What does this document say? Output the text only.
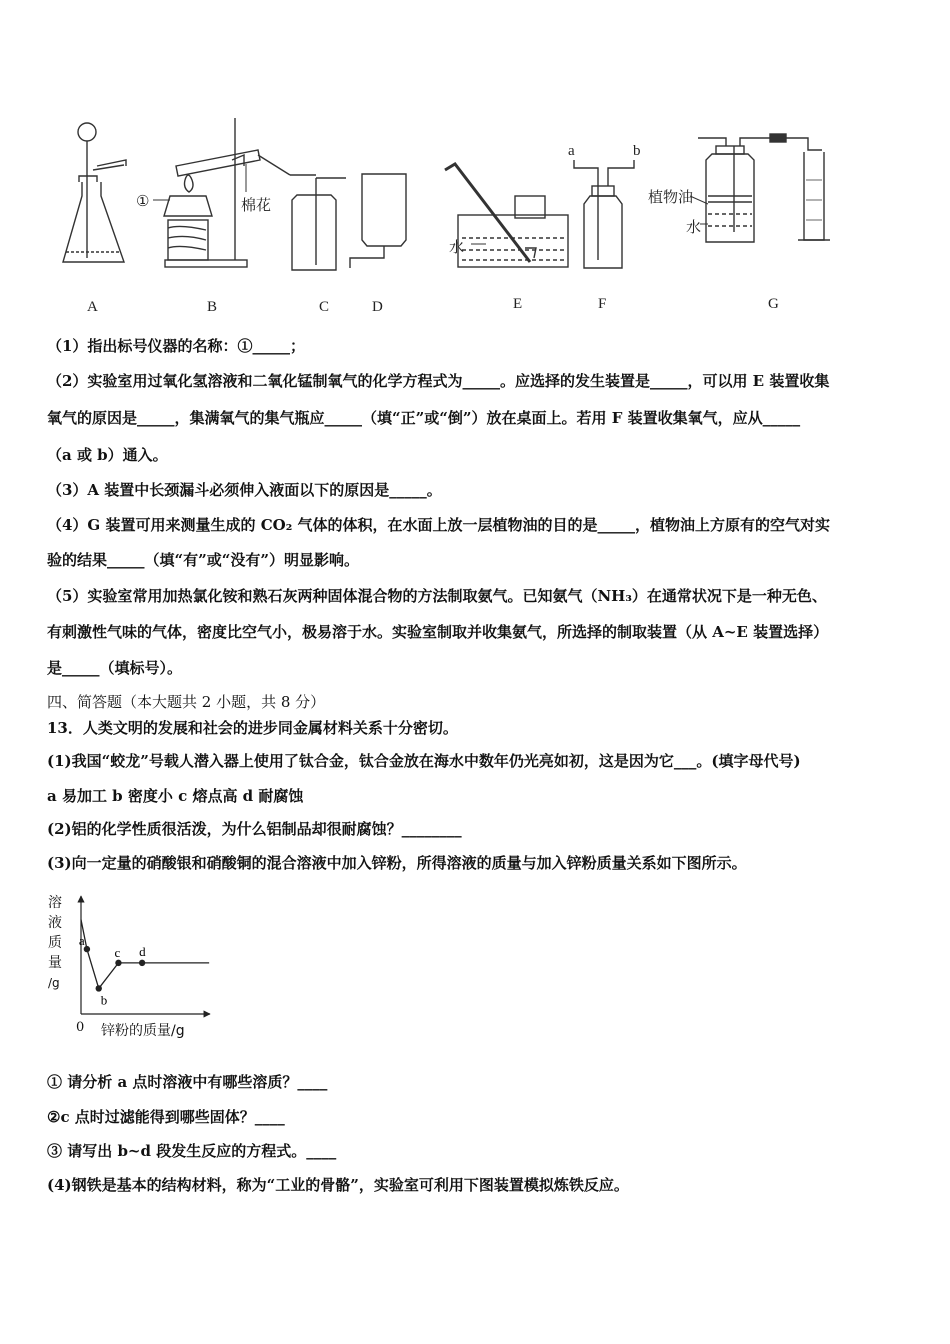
①	棉花
水
a	b
植物油
水
A	B	C	D	E	F	G
（1）指出标号仪器的名称：①_____；
（2）实验室用过氧化氢溶液和二氧化锰制氧气的化学方程式为_____。应选择的发生装置是_____，可以用 E 装置收集
氧气的原因是_____，集满氧气的集气瓶应_____（填“正”或“倒”）放在桌面上。若用 F 装置收集氧气，应从_____
（a 或 b）通入。
（3）A 装置中长颈漏斗必须伸入液面以下的原因是_____。
（4）G 装置可用来测量生成的 CO₂ 气体的体积，在水面上放一层植物油的目的是_____，植物油上方原有的空气对实
验的结果_____（填“有”或“没有”）明显影响。
（5）实验室常用加热氯化铵和熟石灰两种固体混合物的方法制取氨气。已知氨气（NH₃）在通常状况下是一种无色、
有刺激性气味的气体，密度比空气小，极易溶于水。实验室制取并收集氨气，所选择的制取装置（从 A~E 装置选择）
是_____（填标号）。
四、简答题（本大题共 2 小题，共 8 分）
13．人类文明的发展和社会的进步同金属材料关系十分密切。
(1)我国“蛟龙”号载人潜入器上使用了钛合金，钛合金放在海水中数年仍光亮如初，这是因为它___。(填字母代号)
a 易加工 b 密度小 c 熔点高 d 耐腐蚀
(2)铝的化学性质很活泼，为什么铝制品却很耐腐蚀？________
(3)向一定量的硝酸银和硝酸铜的混合溶液中加入锌粉，所得溶液的质量与加入锌粉质量关系如下图所示。
a
b
c d
溶
液
质
量
/g
0 锌粉的质量/g
① 请分析 a 点时溶液中有哪些溶质？____
②c 点时过滤能得到哪些固体？____
③ 请写出 b~d 段发生反应的方程式。____
(4)钢铁是基本的结构材料，称为“工业的骨骼”，实验室可利用下图装置模拟炼铁反应。
